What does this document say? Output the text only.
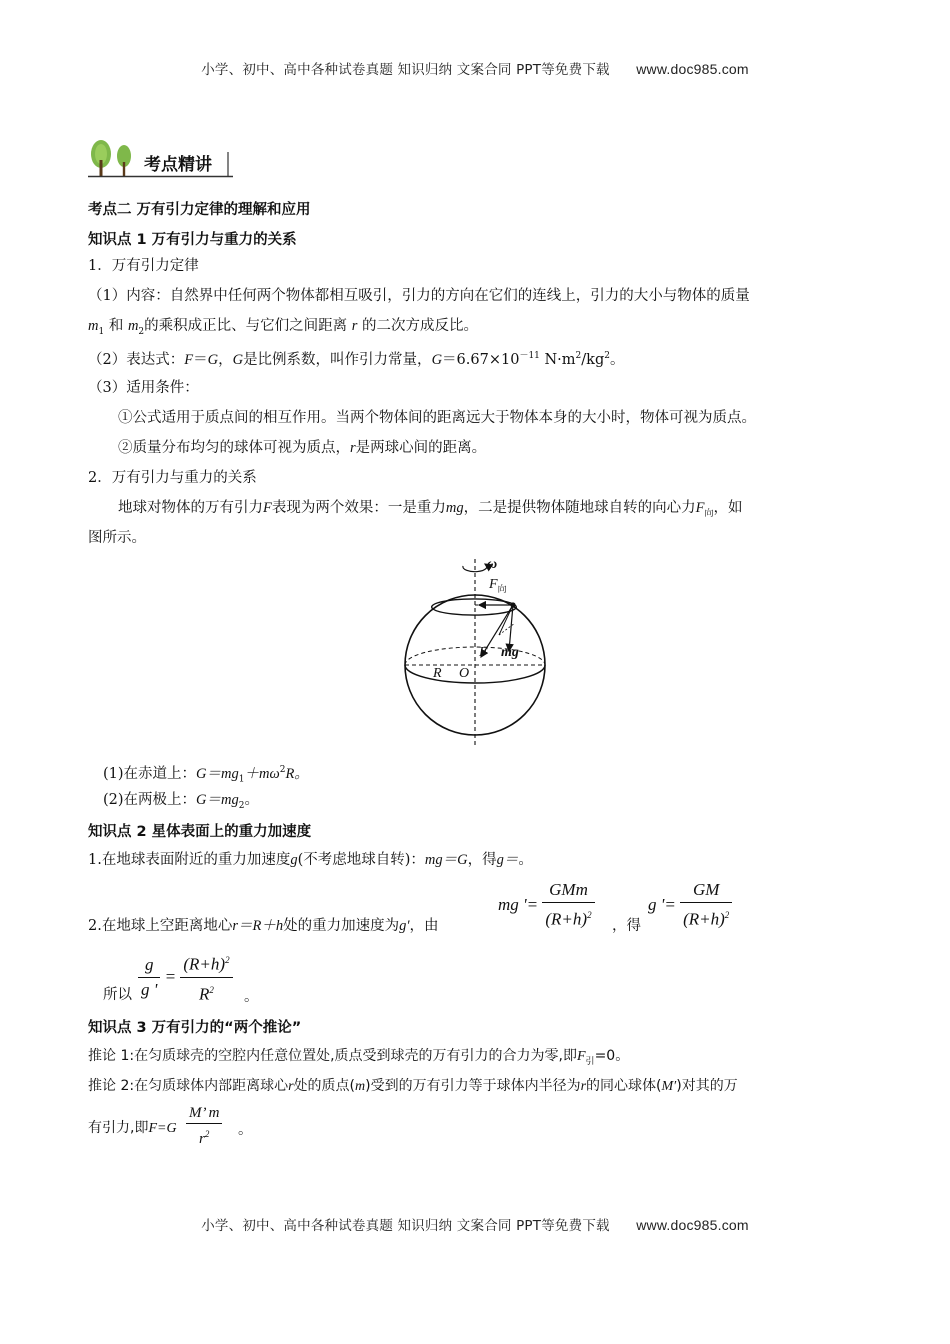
小学、初中、高中各种试卷真题 知识归纳 文案合同 PPT等免费下载 www.doc985.com
考点精讲
考点二 万有引力定律的理解和应用
知识点 1 万有引力与重力的关系
1．万有引力定律
（1）内容：自然界中任何两个物体都相互吸引，引力的方向在它们的连线上，引力的大小与物体的质量
$m_1$ 和 $m_2$的乘积成正比、与它们之间距离 r 的二次方成反比。
（2）表达式：F＝G，G是比例系数，叫作引力常量，$G=6.67\times 10^{-11}$ $N\cdot m^2/kg^2$。
（3）适用条件：
①公式适用于质点间的相互作用。当两个物体间的距离远大于物体本身的大小时，物体可视为质点。
②质量分布均匀的球体可视为质点，r是两球心间的距离。
2．万有引力与重力的关系
地球对物体的万有引力F表现为两个效果：一是重力mg，二是提供物体随地球自转的向心力$F_向$，如
图所示。
ω
$F_向$
F mg
R O
(1)在赤道上：$G=mg_1+m\omega^2R$。
(2)在两极上：$G=mg_2$。
知识点 2 星体表面上的重力加速度
1.在地球表面附近的重力加速度g(不考虑地球自转)：mg＝G，得g＝。
2.在地球上空距离地心r＝R＋h处的重力加速度为g′，由
mg '= $\frac{\text{GMm}}{(R+h)^2}$ ，得
g '= $\frac{GM}{(R+h)^2}$
所以 $\frac{g}{g '} = \frac{(R+h)^2}{R^2}$ 。
知识点 3 万有引力的“两个推论”
推论 1:在匀质球壳的空腔内任意位置处,质点受到球壳的万有引力的合力为零,即$F_引=0$。
推论 2:在匀质球体内部距离球心r处的质点(m)受到的万有引力等于球体内半径为r的同心球体(M′)对其的万
有引力,即$F=G \frac{M’ m}{r^2}$ 。
小学、初中、高中各种试卷真题 知识归纳 文案合同 PPT等免费下载 www.doc985.com
